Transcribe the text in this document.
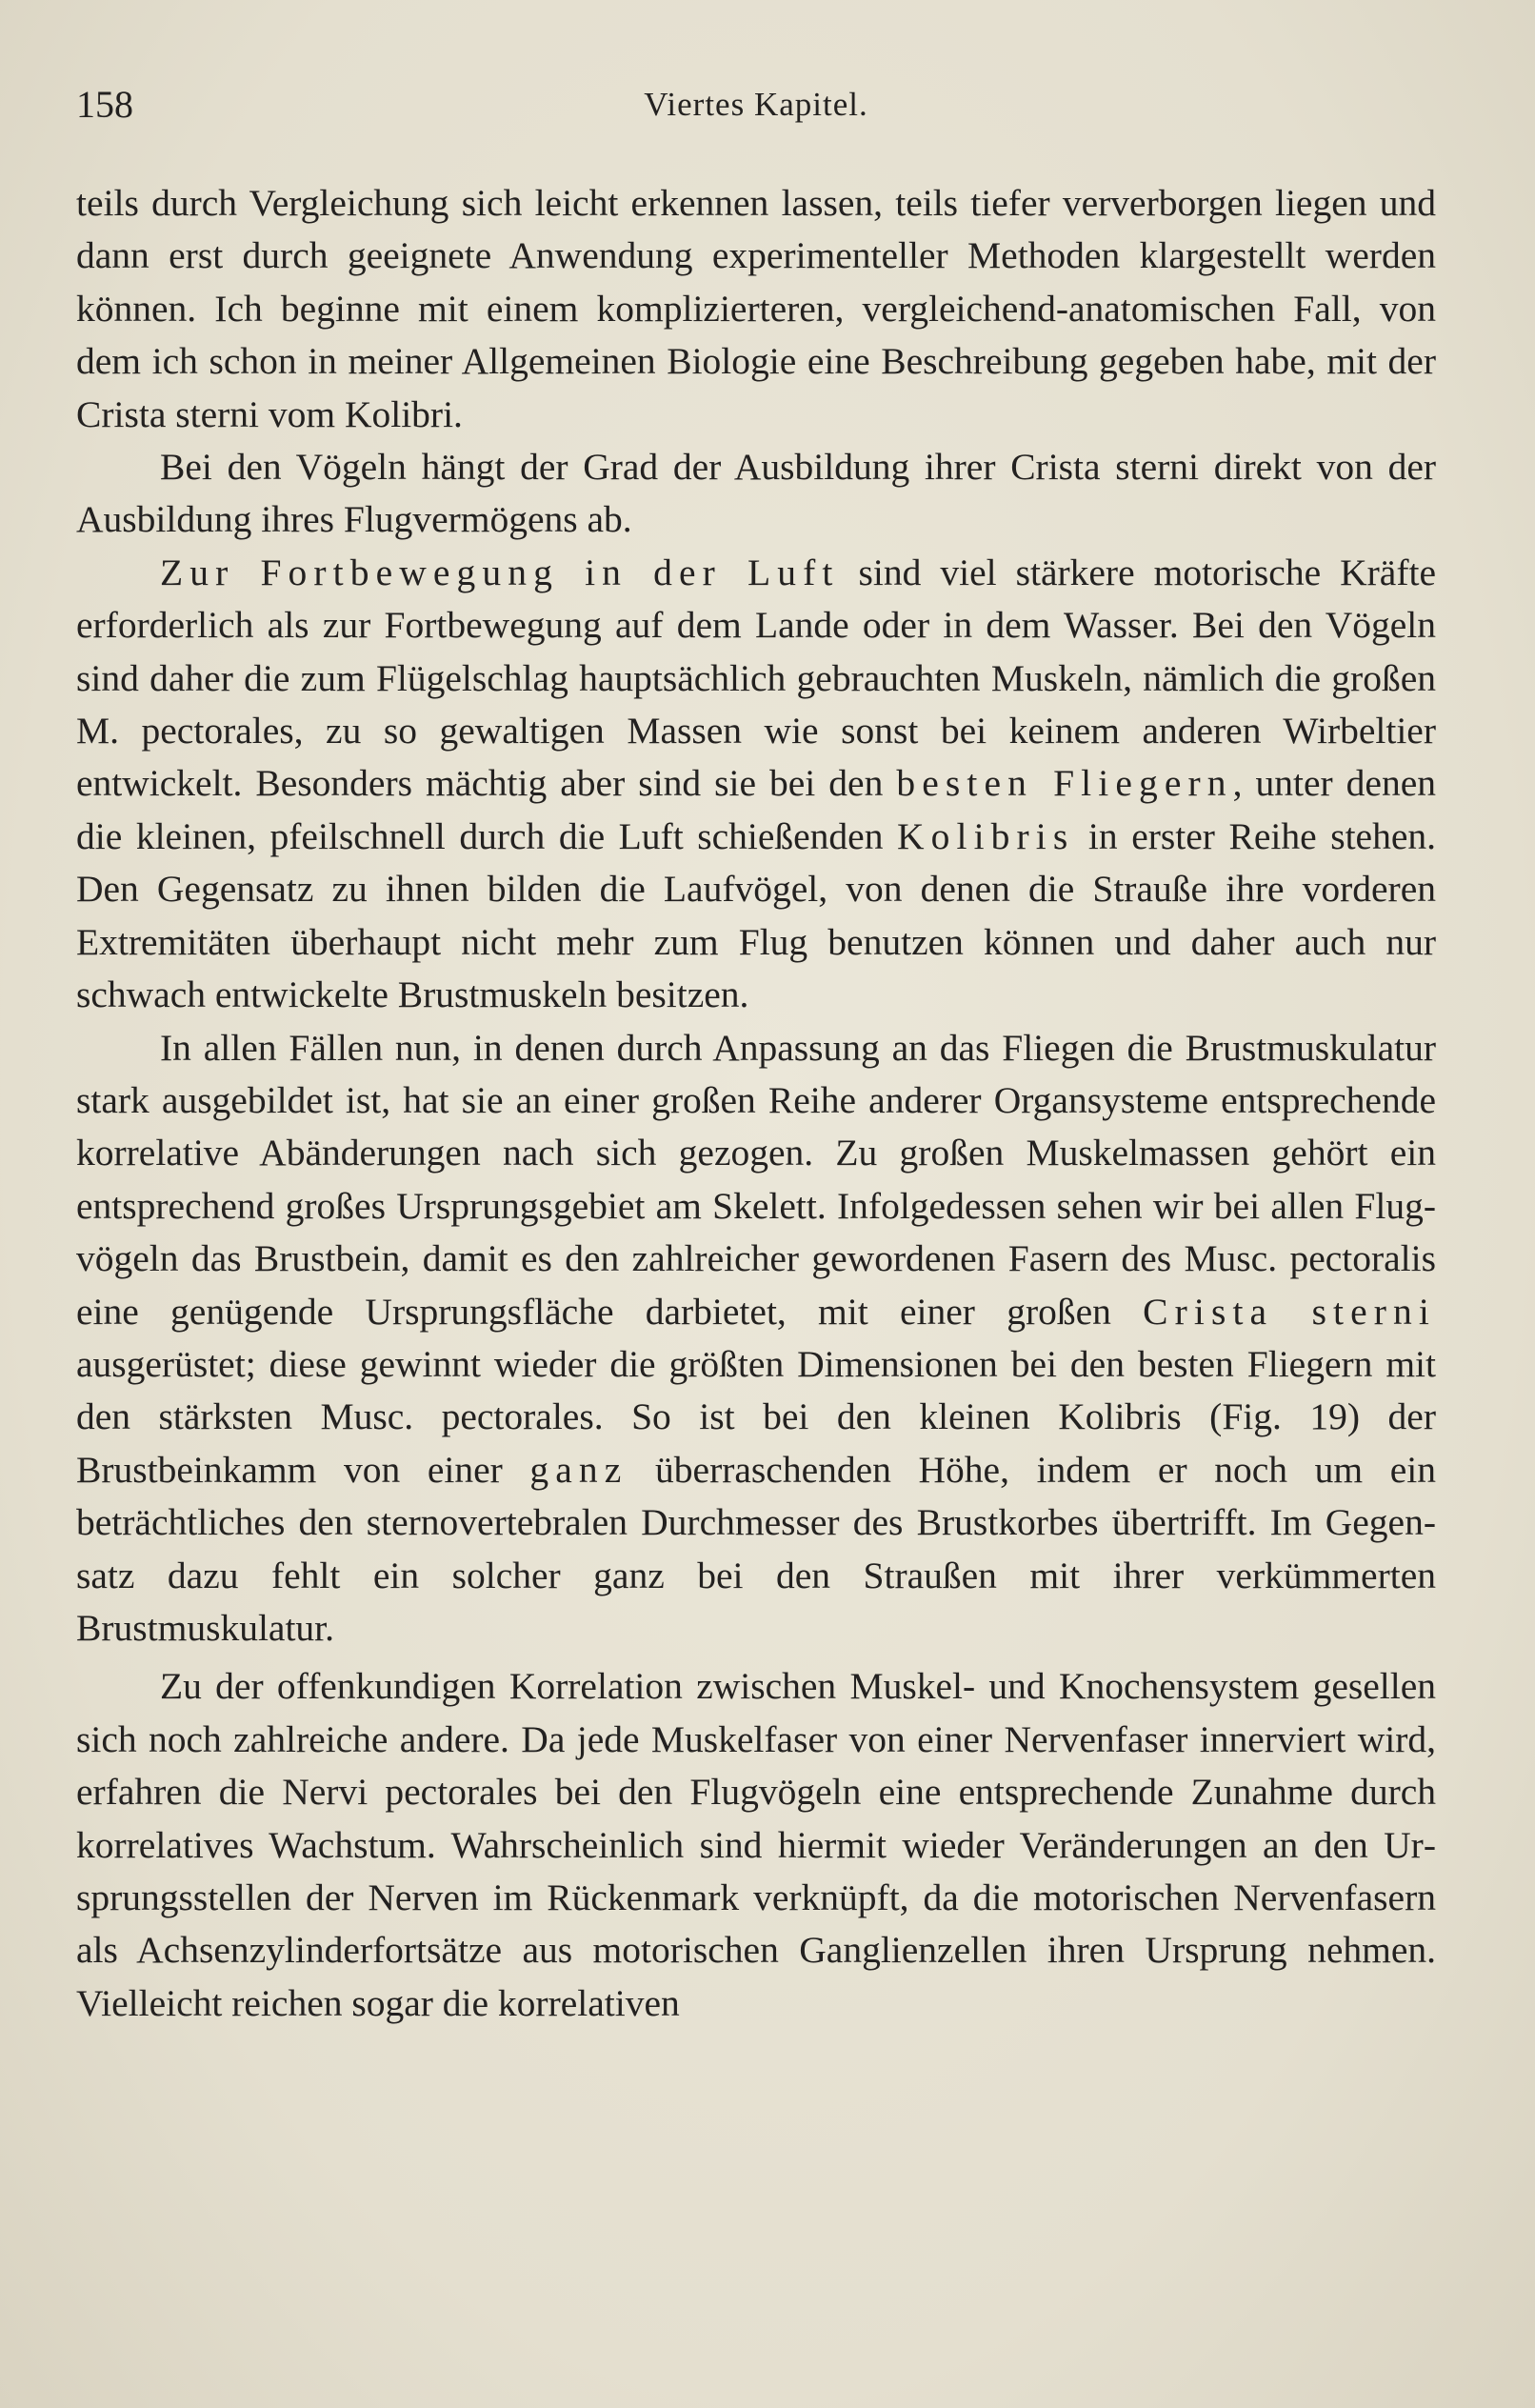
158	Viertes Kapitel.

teils durch Vergleichung sich leicht erkennen lassen, teils tiefer ververborgen liegen und dann erst durch geeignete Anwendung experimenteller Methoden klargestellt werden können. Ich beginne mit einem komplizierteren, vergleichend-anatomischen Fall, von dem ich schon in meiner Allgemeinen Biologie eine Beschreibung gegeben habe, mit der Crista sterni vom Kolibri.

Bei den Vögeln hängt der Grad der Ausbildung ihrer Crista sterni direkt von der Ausbildung ihres Flugvermögens ab.

Zur Fortbewegung in der Luft sind viel stärkere motorische Kräfte erforderlich als zur Fortbewegung auf dem Lande oder in dem Wasser. Bei den Vögeln sind daher die zum Flügelschlag hauptsächlich gebrauchten Muskeln, nämlich die großen M. pectorales, zu so gewaltigen Massen wie sonst bei keinem anderen Wirbeltier entwickelt. Besonders mächtig aber sind sie bei den besten Fliegern, unter denen die kleinen, pfeilschnell durch die Luft schießenden Kolibris in erster Reihe stehen. Den Gegensatz zu ihnen bilden die Laufvögel, von denen die Strauße ihre vorderen Extremitäten überhaupt nicht mehr zum Flug benutzen können und daher auch nur schwach entwickelte Brustmuskeln besitzen.

In allen Fällen nun, in denen durch Anpassung an das Fliegen die Brustmuskulatur stark ausgebildet ist, hat sie an einer großen Reihe anderer Organsysteme entsprechende korrelative Abänderungen nach sich gezogen. Zu großen Muskelmassen gehört ein entsprechend großes Ursprungsgebiet am Skelett. Infolgedessen sehen wir bei allen Flugvögeln das Brustbein, damit es den zahlreicher gewordenen Fasern des Musc. pectoralis eine genügende Ursprungsfläche darbietet, mit einer großen Crista sterni ausgerüstet; diese gewinnt wieder die größten Dimensionen bei den besten Fliegern mit den stärksten Musc. pectorales. So ist bei den kleinen Kolibris (Fig. 19) der Brustbeinkamm von einer ganz überraschenden Höhe, indem er noch um ein beträchtliches den sternovertebralen Durchmesser des Brustkorbes übertrifft. Im Gegensatz dazu fehlt ein solcher ganz bei den Straußen mit ihrer verkümmerten Brustmuskulatur.

Zu der offenkundigen Korrelation zwischen Muskel- und Knochensystem gesellen sich noch zahlreiche andere. Da jede Muskelfaser von einer Nervenfaser innerviert wird, erfahren die Nervi pectorales bei den Flugvögeln eine entsprechende Zunahme durch korrelatives Wachstum. Wahrscheinlich sind hiermit wieder Veränderungen an den Ursprungsstellen der Nerven im Rückenmark verknüpft, da die motorischen Nervenfasern als Achsenzylinderfortsätze aus motorischen Ganglienzellen ihren Ursprung nehmen. Vielleicht reichen sogar die korrelativen
